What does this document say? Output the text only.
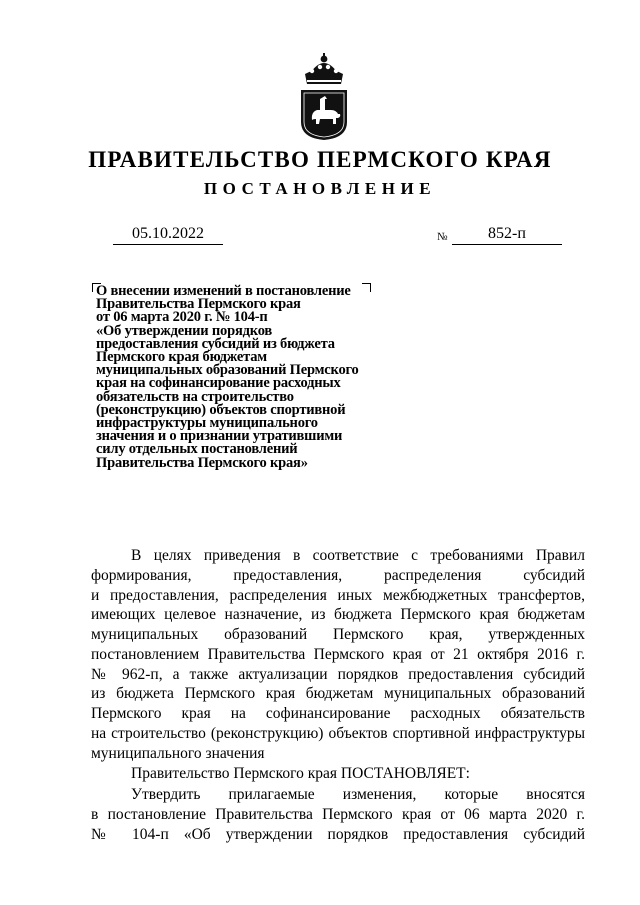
ПРАВИТЕЛЬСТВО ПЕРМСКОГО КРАЯ
ПОСТАНОВЛЕНИЕ
05.10.2022	№	852-п
О внесении изменений в постановление
Правительства Пермского края
от 06 марта 2020 г. № 104-п
«Об утверждении порядков
предоставления субсидий из бюджета
Пермского края бюджетам
муниципальных образований Пермского
края на софинансирование расходных
обязательств на строительство
(реконструкцию) объектов спортивной
инфраструктуры муниципального
значения и о признании утратившими
силу отдельных постановлений
Правительства Пермского края»
В целях приведения в соответствие с требованиями Правил
формирования, предоставления, распределения субсидий
и предоставления, распределения иных межбюджетных трансфертов,
имеющих целевое назначение, из бюджета Пермского края бюджетам
муниципальных образований Пермского края, утвержденных
постановлением Правительства Пермского края от 21 октября 2016 г.
№ 962-п, а также актуализации порядков предоставления субсидий
из бюджета Пермского края бюджетам муниципальных образований
Пермского края на софинансирование расходных обязательств
на строительство (реконструкцию) объектов спортивной инфраструктуры
муниципального значения
Правительство Пермского края ПОСТАНОВЛЯЕТ:
Утвердить прилагаемые изменения, которые вносятся
в постановление Правительства Пермского края от 06 марта 2020 г.
№ 104-п «Об утверждении порядков предоставления субсидий
